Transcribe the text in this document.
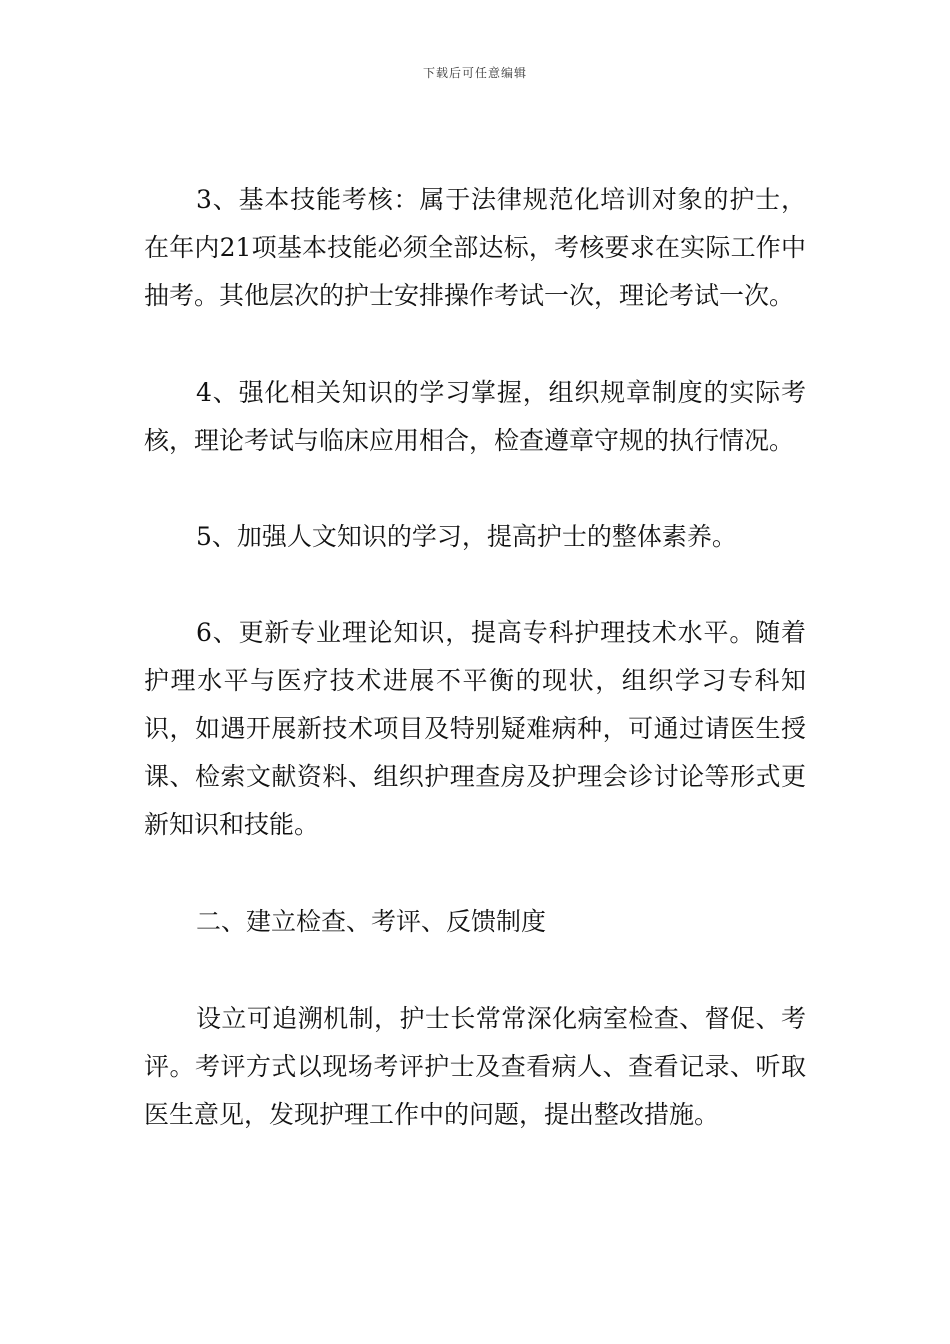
下载后可任意编辑

3、基本技能考核：属于法律规范化培训对象的护士，在年内21项基本技能必须全部达标，考核要求在实际工作中抽考。其他层次的护士安排操作考试一次，理论考试一次。

4、强化相关知识的学习掌握，组织规章制度的实际考核，理论考试与临床应用相合，检查遵章守规的执行情况。

5、加强人文知识的学习，提高护士的整体素养。

6、更新专业理论知识，提高专科护理技术水平。随着护理水平与医疗技术进展不平衡的现状，组织学习专科知识，如遇开展新技术项目及特别疑难病种，可通过请医生授课、检索文献资料、组织护理查房及护理会诊讨论等形式更新知识和技能。

二、建立检查、考评、反馈制度

设立可追溯机制，护士长常常深化病室检查、督促、考评。考评方式以现场考评护士及查看病人、查看记录、听取医生意见，发现护理工作中的问题，提出整改措施。
